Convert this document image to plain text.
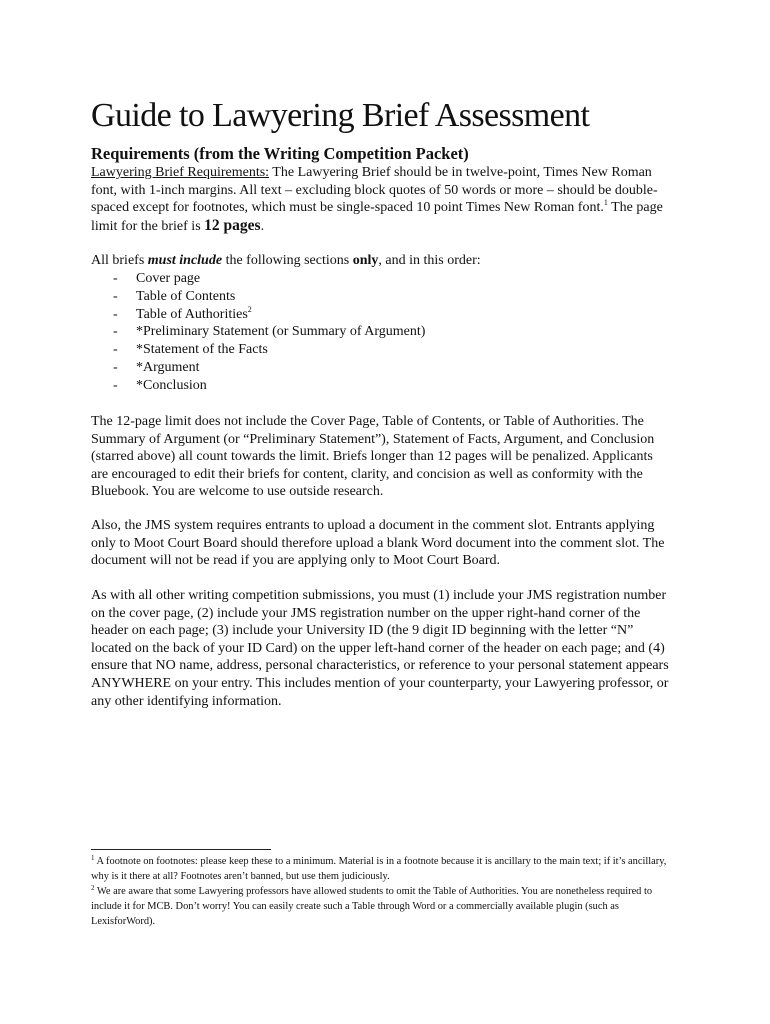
Guide to Lawyering Brief Assessment
Requirements (from the Writing Competition Packet)

Lawyering Brief Requirements: The Lawyering Brief should be in twelve-point, Times New Roman font, with 1-inch margins. All text – excluding block quotes of 50 words or more – should be double-spaced except for footnotes, which must be single-spaced 10 point Times New Roman font.$^1$ The page limit for the brief is 12 pages.

All briefs must include the following sections only, and in this order:

- Cover page
- Table of Contents
- Table of Authorities$^2$
- *Preliminary Statement (or Summary of Argument)
- *Statement of the Facts
- *Argument
- *Conclusion

The 12-page limit does not include the Cover Page, Table of Contents, or Table of Authorities. The Summary of Argument (or “Preliminary Statement”), Statement of Facts, Argument, and Conclusion (starred above) all count towards the limit. Briefs longer than 12 pages will be penalized. Applicants are encouraged to edit their briefs for content, clarity, and concision as well as conformity with the Bluebook. You are welcome to use outside research.

Also, the JMS system requires entrants to upload a document in the comment slot. Entrants applying only to Moot Court Board should therefore upload a blank Word document into the comment slot. The document will not be read if you are applying only to Moot Court Board.

As with all other writing competition submissions, you must (1) include your JMS registration number on the cover page, (2) include your JMS registration number on the upper right-hand corner of the header on each page; (3) include your University ID (the 9 digit ID beginning with the letter “N” located on the back of your ID Card) on the upper left-hand corner of the header on each page; and (4) ensure that NO name, address, personal characteristics, or reference to your personal statement appears ANYWHERE on your entry. This includes mention of your counterparty, your Lawyering professor, or any other identifying information.

$^1$ A footnote on footnotes: please keep these to a minimum. Material is in a footnote because it is ancillary to the main text; if it’s ancillary, why is it there at all? Footnotes aren’t banned, but use them judiciously.

$^2$ We are aware that some Lawyering professors have allowed students to omit the Table of Authorities. You are nonetheless required to include it for MCB. Don’t worry! You can easily create such a Table through Word or a commercially available plugin (such as LexisforWord).
